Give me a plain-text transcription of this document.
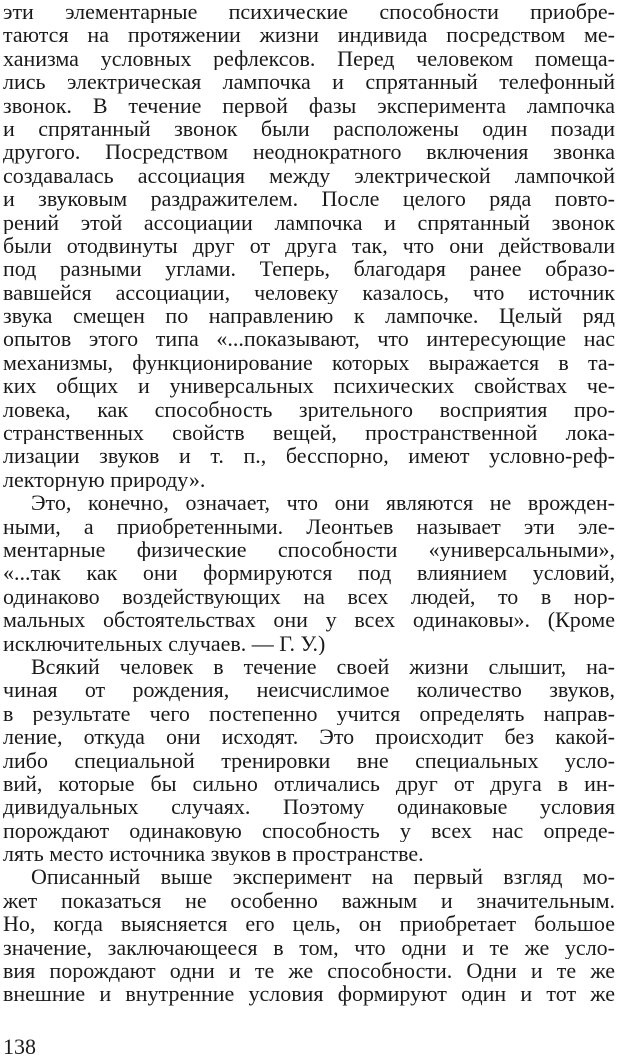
эти элементарные психические способности приобре-
таются на протяжении жизни индивида посредством ме-
ханизма условных рефлексов. Перед человеком помеща-
лись электрическая лампочка и спрятанный телефонный
звонок. В течение первой фазы эксперимента лампочка
и спрятанный звонок были расположены один позади
другого. Посредством неоднократного включения звонка
создавалась ассоциация между электрической лампочкой
и звуковым раздражителем. После целого ряда повто-
рений этой ассоциации лампочка и спрятанный звонок
были отодвинуты друг от друга так, что они действовали
под разными углами. Теперь, благодаря ранее образо-
вавшейся ассоциации, человеку казалось, что источник
звука смещен по направлению к лампочке. Целый ряд
опытов этого типа «...показывают, что интересующие нас
механизмы, функционирование которых выражается в та-
ких общих и универсальных психических свойствах че-
ловека, как способность зрительного восприятия про-
странственных свойств вещей, пространственной лока-
лизации звуков и т. п., бесспорно, имеют условно-реф-
лекторную природу».
Это, конечно, означает, что они являются не врожден-
ными, а приобретенными. Леонтьев называет эти эле-
ментарные физические способности «универсальными»,
«...так как они формируются под влиянием условий,
одинаково воздействующих на всех людей, то в нор-
мальных обстоятельствах они у всех одинаковы». (Кроме
исключительных случаев. — Г. У.)
Всякий человек в течение своей жизни слышит, на-
чиная от рождения, неисчислимое количество звуков,
в результате чего постепенно учится определять направ-
ление, откуда они исходят. Это происходит без какой-
либо специальной тренировки вне специальных усло-
вий, которые бы сильно отличались друг от друга в ин-
дивидуальных случаях. Поэтому одинаковые условия
порождают одинаковую способность у всех нас опреде-
лять место источника звуков в пространстве.
Описанный выше эксперимент на первый взгляд мо-
жет показаться не особенно важным и значительным.
Но, когда выясняется его цель, он приобретает большое
значение, заключающееся в том, что одни и те же усло-
вия порождают одни и те же способности. Одни и те же
внешние и внутренние условия формируют один и тот же
138
